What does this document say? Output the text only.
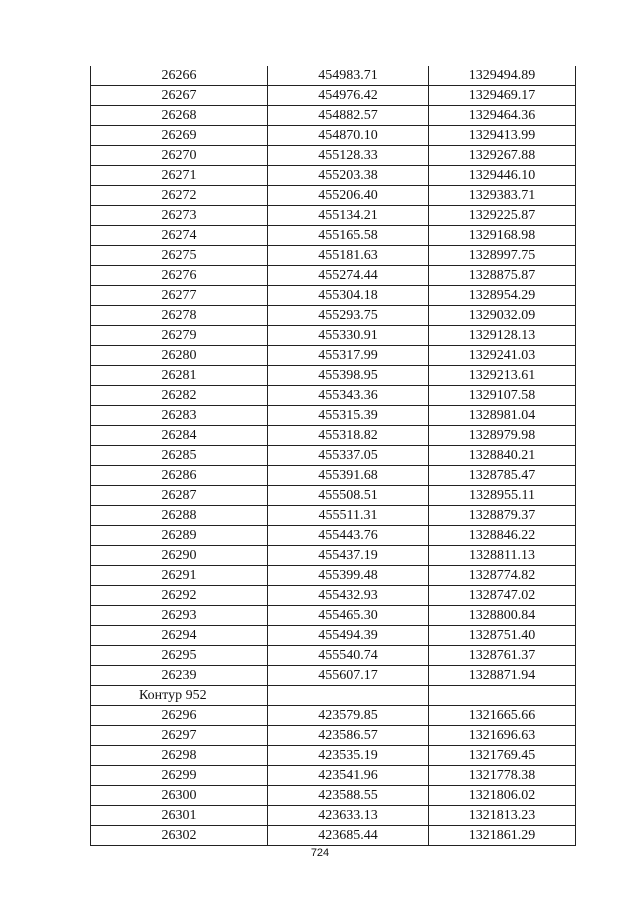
26266	454983.71	1329494.89
26267	454976.42	1329469.17
26268	454882.57	1329464.36
26269	454870.10	1329413.99
26270	455128.33	1329267.88
26271	455203.38	1329446.10
26272	455206.40	1329383.71
26273	455134.21	1329225.87
26274	455165.58	1329168.98
26275	455181.63	1328997.75
26276	455274.44	1328875.87
26277	455304.18	1328954.29
26278	455293.75	1329032.09
26279	455330.91	1329128.13
26280	455317.99	1329241.03
26281	455398.95	1329213.61
26282	455343.36	1329107.58
26283	455315.39	1328981.04
26284	455318.82	1328979.98
26285	455337.05	1328840.21
26286	455391.68	1328785.47
26287	455508.51	1328955.11
26288	455511.31	1328879.37
26289	455443.76	1328846.22
26290	455437.19	1328811.13
26291	455399.48	1328774.82
26292	455432.93	1328747.02
26293	455465.30	1328800.84
26294	455494.39	1328751.40
26295	455540.74	1328761.37
26239	455607.17	1328871.94
Контур 952		
26296	423579.85	1321665.66
26297	423586.57	1321696.63
26298	423535.19	1321769.45
26299	423541.96	1321778.38
26300	423588.55	1321806.02
26301	423633.13	1321813.23
26302	423685.44	1321861.29
724
